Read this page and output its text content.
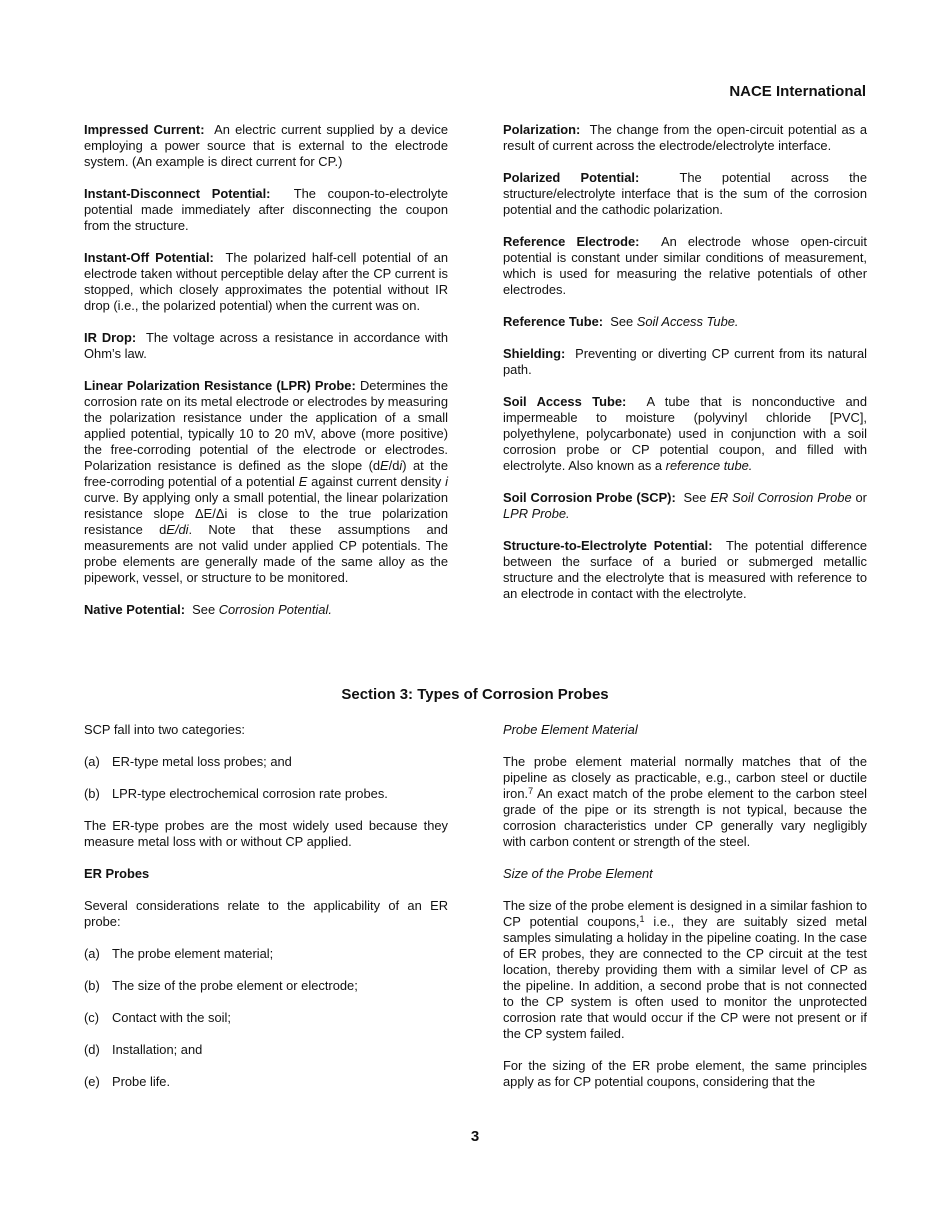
NACE International

Impressed Current: An electric current supplied by a device employing a power source that is external to the electrode system. (An example is direct current for CP.)

Instant-Disconnect Potential: The coupon-to-electrolyte potential made immediately after disconnecting the coupon from the structure.

Instant-Off Potential: The polarized half-cell potential of an electrode taken without perceptible delay after the CP current is stopped, which closely approximates the potential without IR drop (i.e., the polarized potential) when the current was on.

IR Drop: The voltage across a resistance in accordance with Ohm’s law.

Linear Polarization Resistance (LPR) Probe: Determines the corrosion rate on its metal electrode or electrodes by measuring the polarization resistance under the application of a small applied potential, typically 10 to 20 mV, above (more positive) the free-corroding potential of the electrode or electrodes. Polarization resistance is defined as the slope (dE/di) at the free-corroding potential of a potential E against current density i curve. By applying only a small potential, the linear polarization resistance slope ΔE/Δi is close to the true polarization resistance dE/di. Note that these assumptions and measurements are not valid under applied CP potentials. The probe elements are generally made of the same alloy as the pipework, vessel, or structure to be monitored.

Native Potential: See Corrosion Potential.

Polarization: The change from the open-circuit potential as a result of current across the electrode/electrolyte interface.

Polarized Potential:	The potential across the structure/electrolyte interface that is the sum of the corrosion potential and the cathodic polarization.

Reference Electrode: An electrode whose open-circuit potential is constant under similar conditions of measurement, which is used for measuring the relative potentials of other electrodes.

Reference Tube: See Soil Access Tube.

Shielding: Preventing or diverting CP current from its natural path.

Soil Access Tube: A tube that is nonconductive and impermeable to moisture (polyvinyl chloride [PVC], polyethylene, polycarbonate) used in conjunction with a soil corrosion probe or CP potential coupon, and filled with electrolyte. Also known as a reference tube.

Soil Corrosion Probe (SCP): See ER Soil Corrosion Probe or LPR Probe.

Structure-to-Electrolyte Potential: The potential difference between the surface of a buried or submerged metallic structure and the electrolyte that is measured with reference to an electrode in contact with the electrolyte.

Section 3: Types of Corrosion Probes

SCP fall into two categories:

(a) ER-type metal loss probes; and
(b) LPR-type electrochemical corrosion rate probes.

The ER-type probes are the most widely used because they measure metal loss with or without CP applied.

ER Probes

Several considerations relate to the applicability of an ER probe:

(a) The probe element material;
(b) The size of the probe element or electrode;
(c)	Contact with the soil;
(d) Installation; and
(e) Probe life.

Probe Element Material

The probe element material normally matches that of the pipeline as closely as practicable, e.g., carbon steel or ductile iron.$^7$ An exact match of the probe element to the carbon steel grade of the pipe or its strength is not typical, because the corrosion characteristics under CP generally vary negligibly with carbon content or strength of the steel.

Size of the Probe Element

The size of the probe element is designed in a similar fashion to CP potential coupons,$^1$ i.e., they are suitably sized metal samples simulating a holiday in the pipeline coating. In the case of ER probes, they are connected to the CP circuit at the test location, thereby providing them with a similar level of CP as the pipeline. In addition, a second probe that is not connected to the CP system is often used to monitor the unprotected corrosion rate that would occur if the CP were not present or if the CP system failed.

For the sizing of the ER probe element, the same principles apply as for CP potential coupons, considering that the

3
